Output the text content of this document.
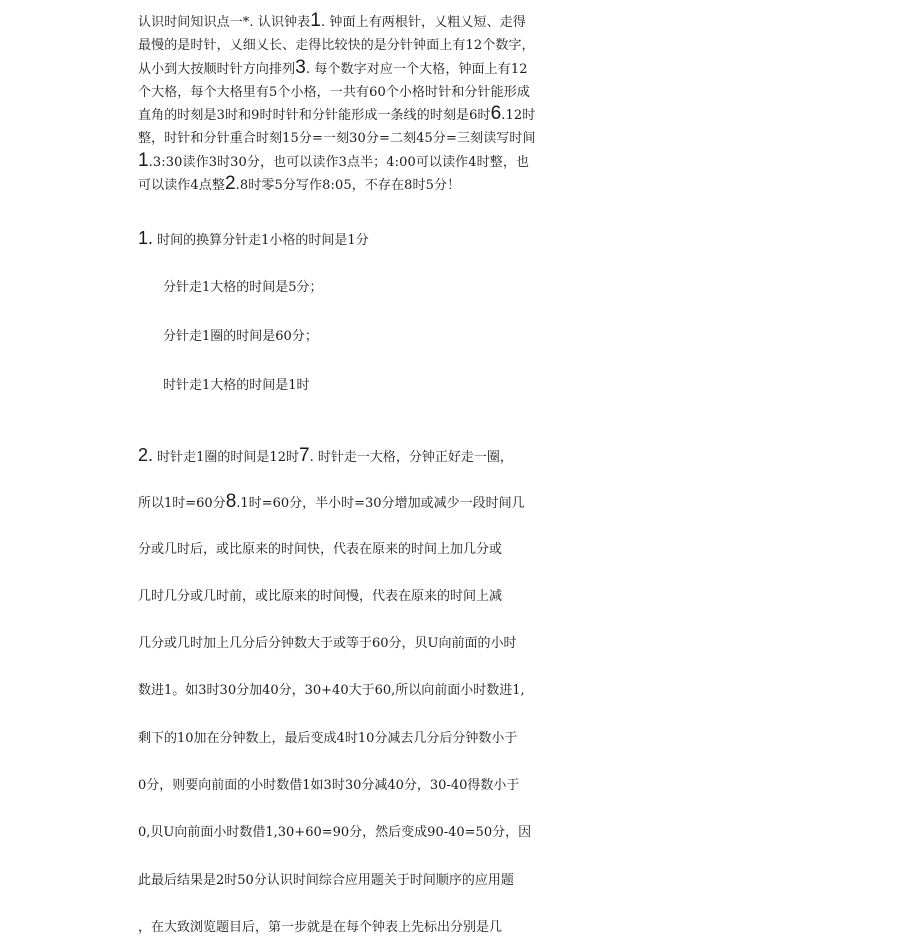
认识时间知识点一*. 认识钟表1. 钟面上有两根针，乂粗乂短、走得最慢的是时针，乂细乂长、走得比较快的是分针钟面上有12个数字，从小到大按顺时针方向排列3. 每个数字对应一个大格，钟面上有12个大格，每个大格里有5个小格，一共有60个小格时针和分针能形成直角的时刻是3时和9时时针和分针能形成一条线的时刻是6时6.12时整，时针和分针重合时刻15分=一刻30分=二刻45分=三刻读写时间1.3:30读作3时30分，也可以读作3点半；4:00可以读作4时整，也可以读作4点整2.8时零5分写作8:05，不存在8时5分！
1. 时间的换算分针走1小格的时间是1分
分针走1大格的时间是5分；
分针走1圈的时间是60分；
时针走1大格的时间是1时
2. 时针走1圈的时间是12时7. 时针走一大格，分钟正好走一圈，
所以1时=60分8.1时=60分，半小时=30分增加或减少一段时间几
分或几时后，或比原来的时间快，代表在原来的时间上加几分或
几时几分或几时前，或比原来的时间慢，代表在原来的时间上减
几分或几时加上几分后分钟数大于或等于60分，贝U向前面的小时
数进1。如3时30分加40分，30+40大于60,所以向前面小时数进1,
剩下的10加在分钟数上，最后变成4时10分减去几分后分钟数小于
0分，则要向前面的小时数借1如3时30分减40分，30-40得数小于
0,贝U向前面小时数借1,30+60=90分，然后变成90-40=50分，因
此最后结果是2时50分认识时间综合应用题关于时间顺序的应用题
，在大致浏览题目后，第一步就是在每个钟表上先标出分别是几
